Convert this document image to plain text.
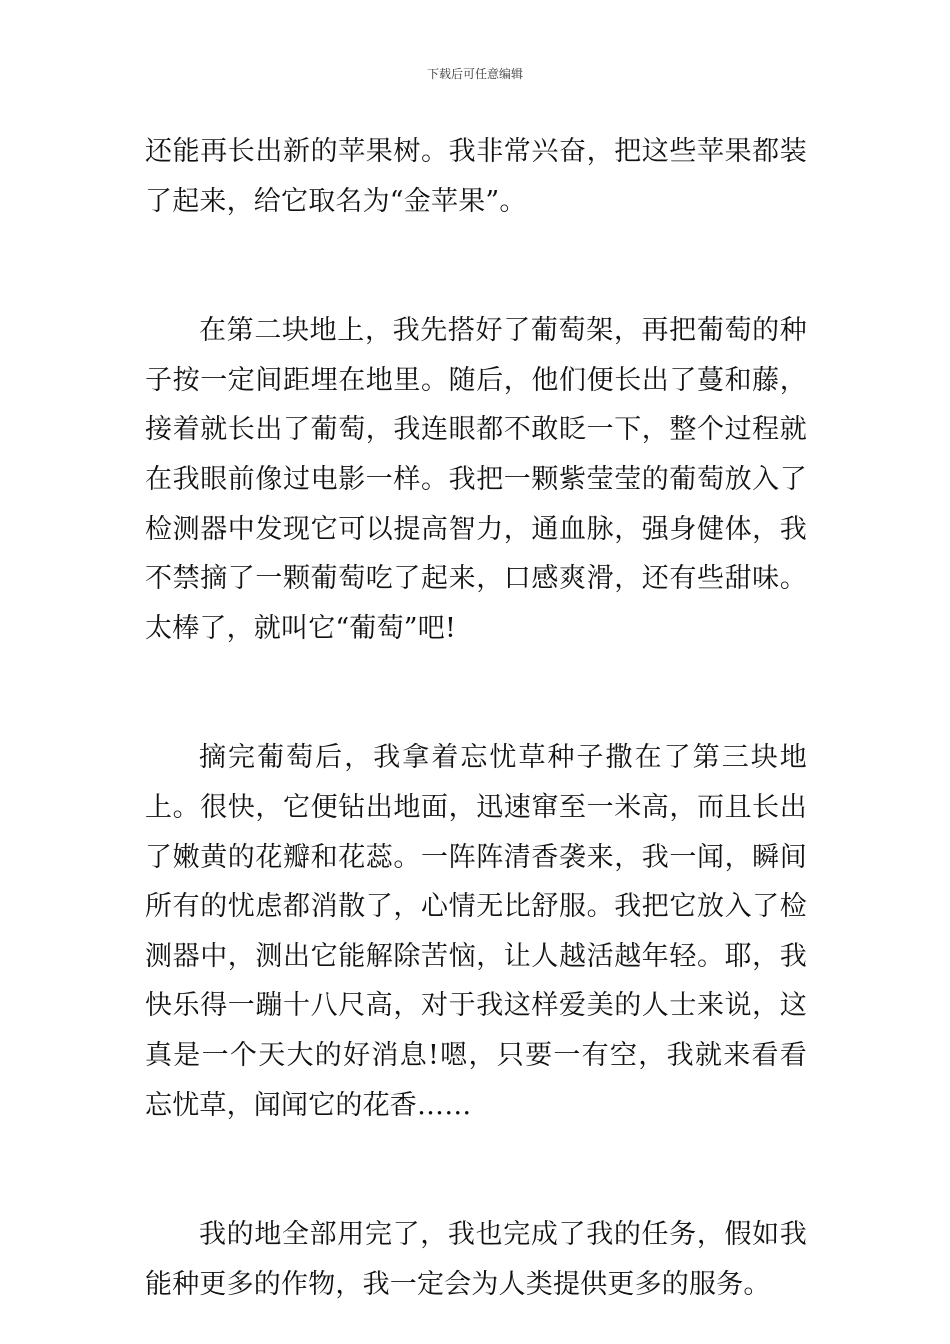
下载后可任意编辑

还能再长出新的苹果树。我非常兴奋，把这些苹果都装了起来，给它取名为“金苹果”。

在第二块地上，我先搭好了葡萄架，再把葡萄的种子按一定间距埋在地里。随后，他们便长出了蔓和藤，接着就长出了葡萄，我连眼都不敢眨一下，整个过程就在我眼前像过电影一样。我把一颗紫莹莹的葡萄放入了检测器中发现它可以提高智力，通血脉，强身健体，我不禁摘了一颗葡萄吃了起来，口感爽滑，还有些甜味。太棒了，就叫它“葡萄”吧!

摘完葡萄后，我拿着忘忧草种子撒在了第三块地上。很快，它便钻出地面，迅速窜至一米高，而且长出了嫩黄的花瓣和花蕊。一阵阵清香袭来，我一闻，瞬间所有的忧虑都消散了，心情无比舒服。我把它放入了检测器中，测出它能解除苦恼，让人越活越年轻。耶，我快乐得一蹦十八尺高，对于我这样爱美的人士来说，这真是一个天大的好消息!嗯，只要一有空，我就来看看忘忧草，闻闻它的花香……

我的地全部用完了，我也完成了我的任务，假如我能种更多的作物，我一定会为人类提供更多的服务。
